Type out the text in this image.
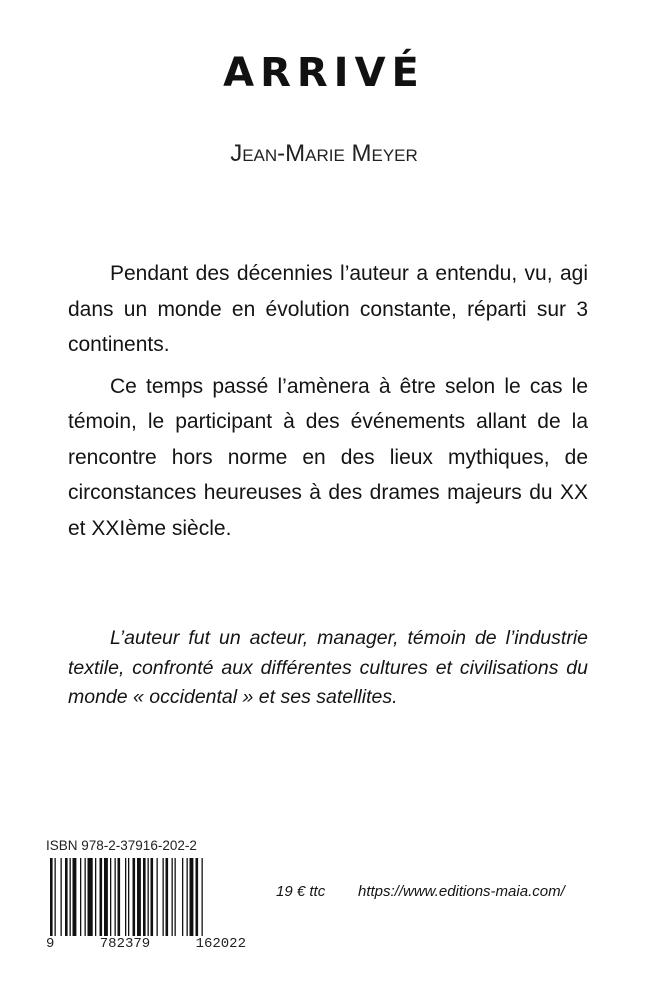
ARRIVÉ
Jean-Marie Meyer

Pendant des décennies l’auteur a entendu, vu, agi dans un monde en évolution constante, réparti sur 3 continents.

Ce temps passé l’amènera à être selon le cas le témoin, le participant à des événements allant de la rencontre hors norme en des lieux mythiques, de circonstances heureuses à des drames majeurs du XX et XXIème siècle.

L’auteur fut un acteur, manager, témoin de l’industrie textile, confronté aux différentes cultures et civilisations du monde « occidental » et ses satellites.
ISBN 978-2-37916-202-2
9	782379	162022
19 € ttc https://www.editions-maia.com/
